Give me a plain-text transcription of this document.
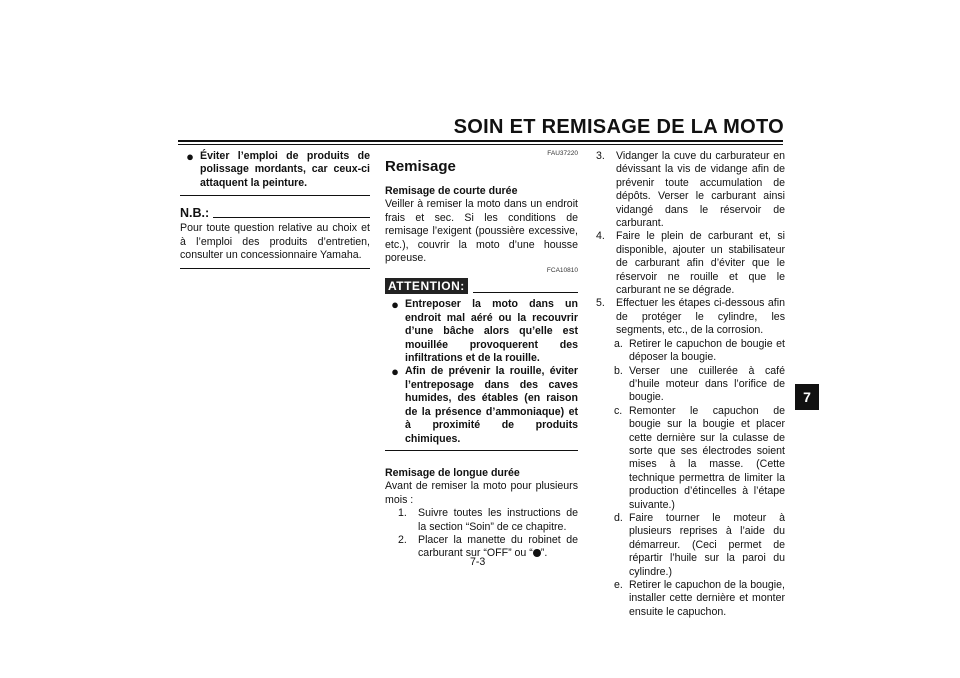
SOIN ET REMISAGE DE LA MOTO
● Éviter l’emploi de produits de polissage mordants, car ceux-ci attaquent la peinture.
N.B.:

Pour toute question relative au choix et à l’emploi des produits d’entretien, consulter un concessionnaire Yamaha.

FAU37220
Remisage
Remisage de courte durée

Veiller à remiser la moto dans un endroit frais et sec. Si les conditions de remisage l’exigent (poussière excessive, etc.), couvrir la moto d’une housse poreuse.

FCA10810
ATTENTION:
● Entreposer la moto dans un endroit mal aéré ou la recouvrir d’une bâche alors qu’elle est mouillée provoquerent des infiltrations et de la rouille.
● Afin de prévenir la rouille, éviter l’entreposage dans des caves humides, des étables (en raison de la présence d’ammoniaque) et à proximité de produits chimiques.
Remisage de longue durée

Avant de remiser la moto pour plusieurs mois :

1.	Suivre toutes les instructions de la section “Soin” de ce chapitre.
2.	Placer la manette du robinet de carburant sur “OFF” ou “ ”.
3.	Vidanger la cuve du carburateur en dévissant la vis de vidange afin de prévenir toute accumulation de dépôts. Verser le carburant ainsi vidangé dans le réservoir de carburant.
4.	Faire le plein de carburant et, si disponible, ajouter un stabilisateur de carburant afin d’éviter que le réservoir ne rouille et que le carburant ne se dégrade.
5.	Effectuer les étapes ci-dessous afin de protéger le cylindre, les segments, etc., de la corrosion.
a. Retirer le capuchon de bougie et déposer la bougie.
b. Verser une cuillerée à café d’huile moteur dans l’orifice de bougie.
c. Remonter le capuchon de bougie sur la bougie et placer cette dernière sur la culasse de sorte que ses électrodes soient mises à la masse. (Cette technique permettra de limiter la production d’étincelles à l’étape suivante.)
d. Faire tourner le moteur à plusieurs reprises à l’aide du démarreur. (Ceci permet de répartir l’huile sur la paroi du cylindre.)
e. Retirer le capuchon de la bougie, installer cette dernière et monter ensuite le capuchon.
7
7-3
